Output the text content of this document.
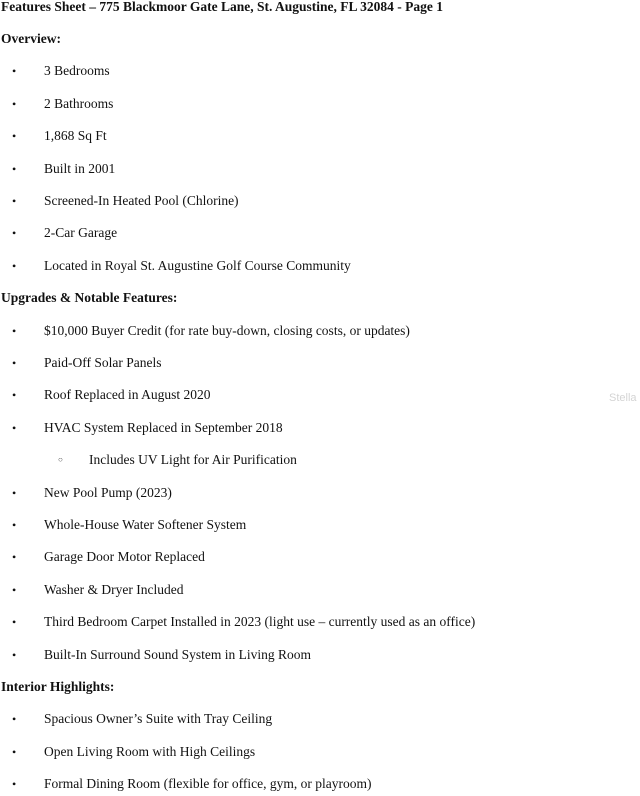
Features Sheet – 775 Blackmoor Gate Lane, St. Augustine, FL 32084 - Page 1
Stella
Overview:
• 3 Bedrooms
• 2 Bathrooms
• 1,868 Sq Ft
• Built in 2001
• Screened-In Heated Pool (Chlorine)
• 2-Car Garage
• Located in Royal St. Augustine Golf Course Community
Upgrades & Notable Features:
• $10,000 Buyer Credit (for rate buy-down, closing costs, or updates)
• Paid-Off Solar Panels
• Roof Replaced in August 2020
• HVAC System Replaced in September 2018
○ Includes UV Light for Air Purification
• New Pool Pump (2023)
• Whole-House Water Softener System
• Garage Door Motor Replaced
• Washer & Dryer Included
• Third Bedroom Carpet Installed in 2023 (light use – currently used as an office)
• Built-In Surround Sound System in Living Room
Interior Highlights:
• Spacious Owner’s Suite with Tray Ceiling
• Open Living Room with High Ceilings
• Formal Dining Room (flexible for office, gym, or playroom)
